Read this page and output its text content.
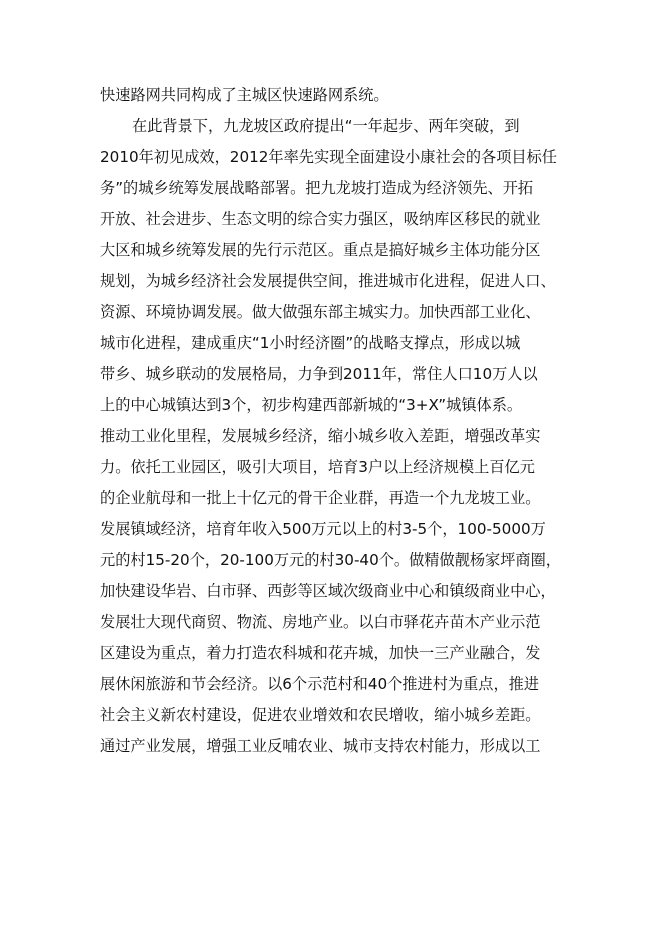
快速路网共同构成了主城区快速路网系统。
在此背景下，九龙坡区政府提出“一年起步、两年突破，到
2010年初见成效，2012年率先实现全面建设小康社会的各项目标任
务”的城乡统筹发展战略部署。把九龙坡打造成为经济领先、开拓
开放、社会进步、生态文明的综合实力强区，吸纳库区移民的就业
大区和城乡统筹发展的先行示范区。重点是搞好城乡主体功能分区
规划，为城乡经济社会发展提供空间，推进城市化进程，促进人口、
资源、环境协调发展。做大做强东部主城实力。加快西部工业化、
城市化进程，建成重庆“1小时经济圈”的战略支撑点，形成以城
带乡、城乡联动的发展格局，力争到2011年，常住人口10万人以
上的中心城镇达到3个，初步构建西部新城的“3+X”城镇体系。
推动工业化里程，发展城乡经济，缩小城乡收入差距，增强改革实
力。依托工业园区，吸引大项目，培育3户以上经济规模上百亿元
的企业航母和一批上十亿元的骨干企业群，再造一个九龙坡工业。
发展镇域经济，培育年收入500万元以上的村3-5个，100-5000万
元的村15-20个，20-100万元的村30-40个。做精做靓杨家坪商圈，
加快建设华岩、白市驿、西彭等区域次级商业中心和镇级商业中心，
发展壮大现代商贸、物流、房地产业。以白市驿花卉苗木产业示范
区建设为重点，着力打造农科城和花卉城，加快一三产业融合，发
展休闲旅游和节会经济。以6个示范村和40个推进村为重点，推进
社会主义新农村建设，促进农业增效和农民增收，缩小城乡差距。
通过产业发展，增强工业反哺农业、城市支持农村能力，形成以工
